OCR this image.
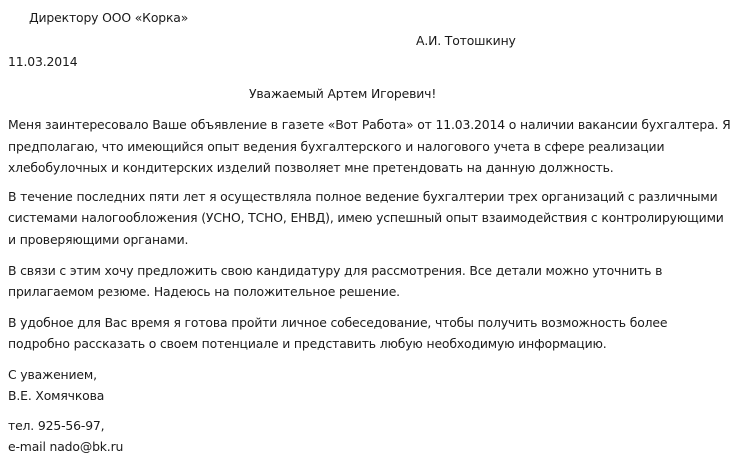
Директору ООО «Корка»
А.И. Тотошкину
11.03.2014
Уважаемый Артем Игоревич!
Меня заинтересовало Ваше объявление в газете «Вот Работа» от 11.03.2014 о наличии вакансии бухгалтера. Я
предполагаю, что имеющийся опыт ведения бухгалтерского и налогового учета в сфере реализации
хлебобулочных и кондитерских изделий позволяет мне претендовать на данную должность.
В течение последних пяти лет я осуществляла полное ведение бухгалтерии трех организаций с различными
системами налогообложения (УСНО, ТСНО, ЕНВД), имею успешный опыт взаимодействия с контролирующими
и проверяющими органами.
В связи с этим хочу предложить свою кандидатуру для рассмотрения. Все детали можно уточнить в
прилагаемом резюме. Надеюсь на положительное решение.
В удобное для Вас время я готова пройти личное собеседование, чтобы получить возможность более
подробно рассказать о своем потенциале и представить любую необходимую информацию.
С уважением,
В.Е. Хомячкова
тел. 925-56-97,
e-mail nado@bk.ru
